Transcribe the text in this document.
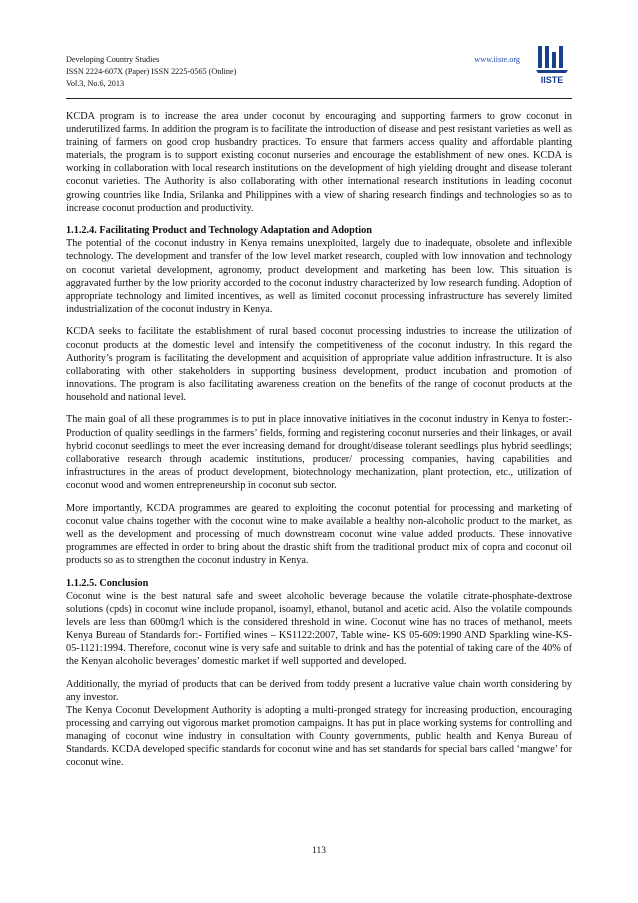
Developing Country Studies
ISSN 2224-607X (Paper) ISSN 2225-0565 (Online)
Vol.3, No.6, 2013
www.iiste.org
IISTE

KCDA program is to increase the area under coconut by encouraging and supporting farmers to grow coconut in underutilized farms. In addition the program is to facilitate the introduction of disease and pest resistant varieties as well as training of farmers on good crop husbandry practices. To ensure that farmers access quality and affordable planting materials, the program is to support existing coconut nurseries and encourage the establishment of new ones. KCDA is working in collaboration with local research institutions on the development of high yielding drought and disease tolerant coconut varieties. The Authority is also collaborating with other international research institutions in leading coconut growing countries like India, Srilanka and Philippines with a view of sharing research findings and technologies so as to increase coconut production and productivity.

1.1.2.4. Facilitating Product and Technology Adaptation and Adoption

The potential of the coconut industry in Kenya remains unexploited, largely due to inadequate, obsolete and inflexible technology. The development and transfer of the low level market research, coupled with low innovation and technology on coconut varietal development, agronomy, product development and marketing has been low. This situation is aggravated further by the low priority accorded to the coconut industry characterized by low research funding. Adoption of appropriate technology and limited incentives, as well as limited coconut processing infrastructure has severely limited industrialization of the coconut industry in Kenya.

KCDA seeks to facilitate the establishment of rural based coconut processing industries to increase the utilization of coconut products at the domestic level and intensify the competitiveness of the coconut industry. In this regard the Authority’s program is facilitating the development and acquisition of appropriate value addition infrastructure. It is also collaborating with other stakeholders in supporting business development, product incubation and promotion of innovations. The program is also facilitating awareness creation on the benefits of the range of coconut products at the household and national level.

The main goal of all these programmes is to put in place innovative initiatives in the coconut industry in Kenya to foster:- Production of quality seedlings in the farmers’ fields, forming and registering coconut nurseries and their linkages, or avail hybrid coconut seedlings to meet the ever increasing demand for drought/disease tolerant seedlings plus hybrid seedlings; collaborative research through academic institutions, producer/ processing companies, having capabilities and infrastructures in the areas of product development, biotechnology mechanization, plant protection, etc., utilization of coconut wood and women entrepreneurship in coconut sub sector.

More importantly, KCDA programmes are geared to exploiting the coconut potential for processing and marketing of coconut value chains together with the coconut wine to make available a healthy non-alcoholic product to the market, as well as the development and processing of much downstream coconut wine value added products. These innovative programmes are effected in order to bring about the drastic shift from the traditional product mix of copra and coconut oil products so as to strengthen the coconut industry in Kenya.

1.1.2.5. Conclusion

Coconut wine is the best natural safe and sweet alcoholic beverage because the volatile citrate-phosphate-dextrose solutions (cpds) in coconut wine include propanol, isoamyl, ethanol, butanol and acetic acid. Also the volatile compounds levels are less than 600mg/l which is the considered threshold in wine. Coconut wine has no traces of methanol, meets Kenya Bureau of Standards for:- Fortified wines – KS1122:2007, Table wine- KS 05-609:1990 AND Sparkling wine-KS-05-1121:1994. Therefore, coconut wine is very safe and suitable to drink and has the potential of taking care of the 40% of the Kenyan alcoholic beverages’ domestic market if well supported and developed.

Additionally, the myriad of products that can be derived from toddy present a lucrative value chain worth considering by any investor.

The Kenya Coconut Development Authority is adopting a multi-pronged strategy for increasing production, encouraging processing and carrying out vigorous market promotion campaigns. It has put in place working systems for controlling and managing of coconut wine industry in consultation with County governments, public health and Kenya Bureau of Standards. KCDA developed specific standards for coconut wine and has set standards for special bars called ‘mangwe’ for coconut wine.

113
